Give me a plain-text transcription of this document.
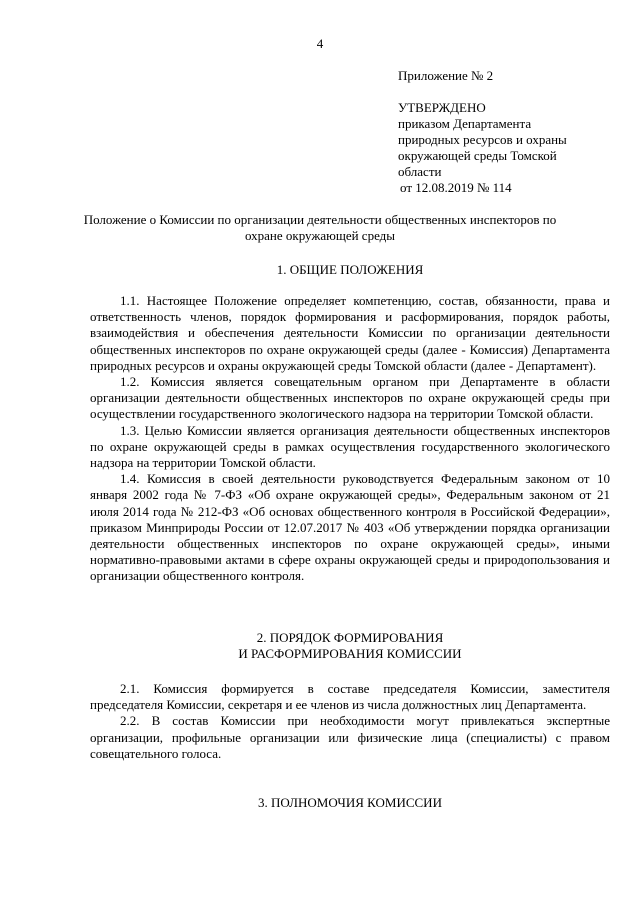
4
Приложение № 2
УТВЕРЖДЕНО
приказом Департамента
природных ресурсов и охраны
окружающей среды Томской
области
от 12.08.2019 № 114
Положение о Комиссии по организации деятельности общественных инспекторов по
охране окружающей среды
1. ОБЩИЕ ПОЛОЖЕНИЯ

1.1. Настоящее Положение определяет компетенцию, состав, обязанности, права и ответственность членов, порядок формирования и расформирования, порядок работы, взаимодействия и обеспечения деятельности Комиссии по организации деятельности общественных инспекторов по охране окружающей среды (далее - Комиссия) Департамента природных ресурсов и охраны окружающей среды Томской области (далее - Департамент).

1.2. Комиссия является совещательным органом при Департаменте в области организации деятельности общественных инспекторов по охране окружающей среды при осуществлении государственного экологического надзора на территории Томской области.

1.3. Целью Комиссии является организация деятельности общественных инспекторов по охране окружающей среды в рамках осуществления государственного экологического надзора на территории Томской области.

1.4. Комиссия в своей деятельности руководствуется Федеральным законом от 10 января 2002 года № 7-ФЗ «Об охране окружающей среды», Федеральным законом от 21 июля 2014 года № 212-ФЗ «Об основах общественного контроля в Российской Федерации», приказом Минприроды России от 12.07.2017 № 403 «Об утверждении порядка организации деятельности общественных инспекторов по охране окружающей среды», иными нормативно-правовыми актами в сфере охраны окружающей среды и природопользования и организации общественного контроля.

2. ПОРЯДОК ФОРМИРОВАНИЯ
И РАСФОРМИРОВАНИЯ КОМИССИИ

2.1. Комиссия формируется в составе председателя Комиссии, заместителя председателя Комиссии, секретаря и ее членов из числа должностных лиц Департамента.

2.2. В состав Комиссии при необходимости могут привлекаться экспертные организации, профильные организации или физические лица (специалисты) с правом совещательного голоса.

3. ПОЛНОМОЧИЯ КОМИССИИ
